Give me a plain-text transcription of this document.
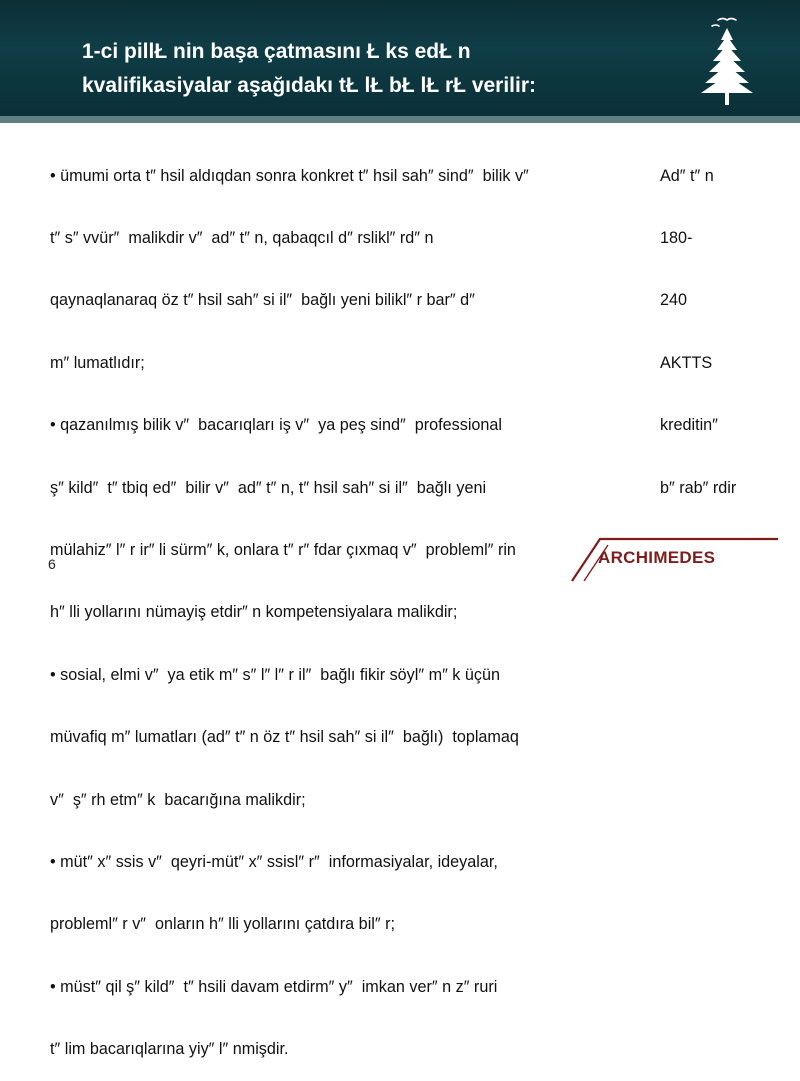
1-ci pillŁ nin başa çatmasını Ł ks edŁ n
kvalifikasiyalar aşağıdakı tŁ lŁ bŁ lŁ rŁ verilir:

• ümumi orta t″ hsil aldıqdan sonra konkret t″ hsil sah″ sind″  bilik v″

t″ s″ vvür″  malikdir v″  ad″ t″ n, qabaqcıl d″ rslikl″ rd″ n

qaynaqlanaraq öz t″ hsil sah″ si il″  bağlı yeni bilikl″ r bar″ d″

m″ lumatlıdır;

• qazanılmış bilik v″  bacarıqları iş v″  ya peş sind″  professional

ş″ kild″  t″ tbiq ed″  bilir v″  ad″ t″ n, t″ hsil sah″ si il″  bağlı yeni

mülahiz″ l″ r ir″ li sürm″ k, onlara t″ r″ fdar çıxmaq v″  probleml″ rin

h″ lli yollarını nümayiş etdir″ n kompetensiyalara malikdir;

• sosial, elmi v″  ya etik m″ s″ l″ l″ r il″  bağlı fikir söyl″ m″ k üçün

müvafiq m″ lumatları (ad″ t″ n öz t″ hsil sah″ si il″  bağlı)  toplamaq

v″  ş″ rh etm″ k  bacarığına malikdir;

• müt″ x″ ssis v″  qeyri-müt″ x″ ssisl″ r″  informasiyalar, ideyalar,

probleml″ r v″  onların h″ lli yollarını çatdıra bil″ r;

• müst″ qil ş″ kild″  t″ hsili davam etdirm″ y″  imkan ver″ n z″ ruri

t″ lim bacarıqlarına yiy″ l″ nmişdir.

Ad″ t″ n

180-

240

AKTTS

kreditin″

b″ rab″ rdir

6	ARCHIMEDES
